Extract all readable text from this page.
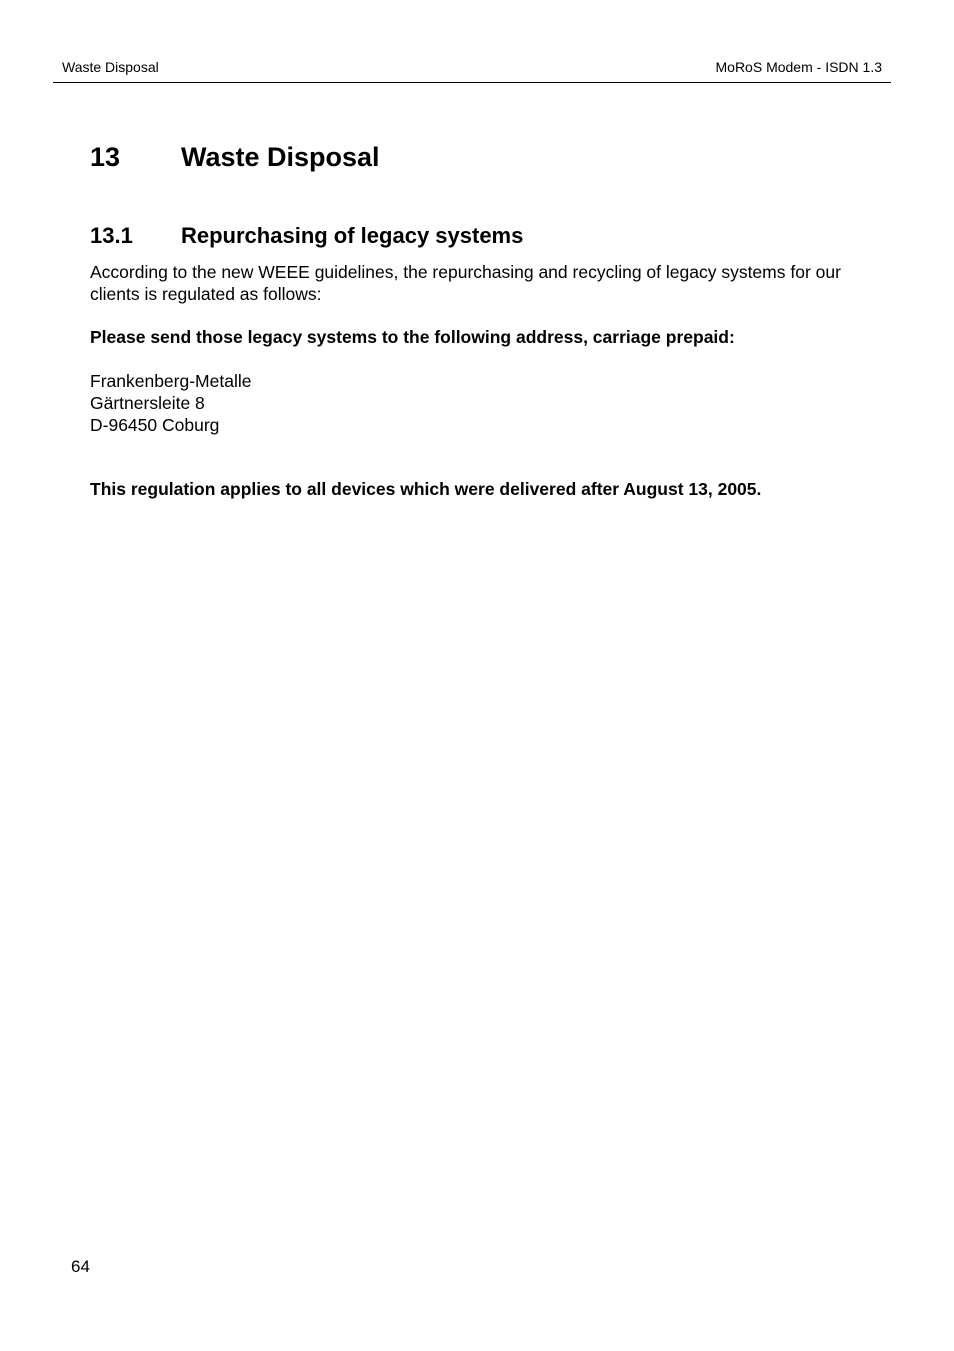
Waste Disposal	MoRoS Modem - ISDN 1.3
13 Waste Disposal
13.1 Repurchasing of legacy systems

According to the new WEEE guidelines, the repurchasing and recycling of legacy systems for our clients is regulated as follows:

Please send those legacy systems to the following address, carriage prepaid:

Frankenberg-Metalle
Gärtnersleite 8
D-96450 Coburg

This regulation applies to all devices which were delivered after August 13, 2005.

64
